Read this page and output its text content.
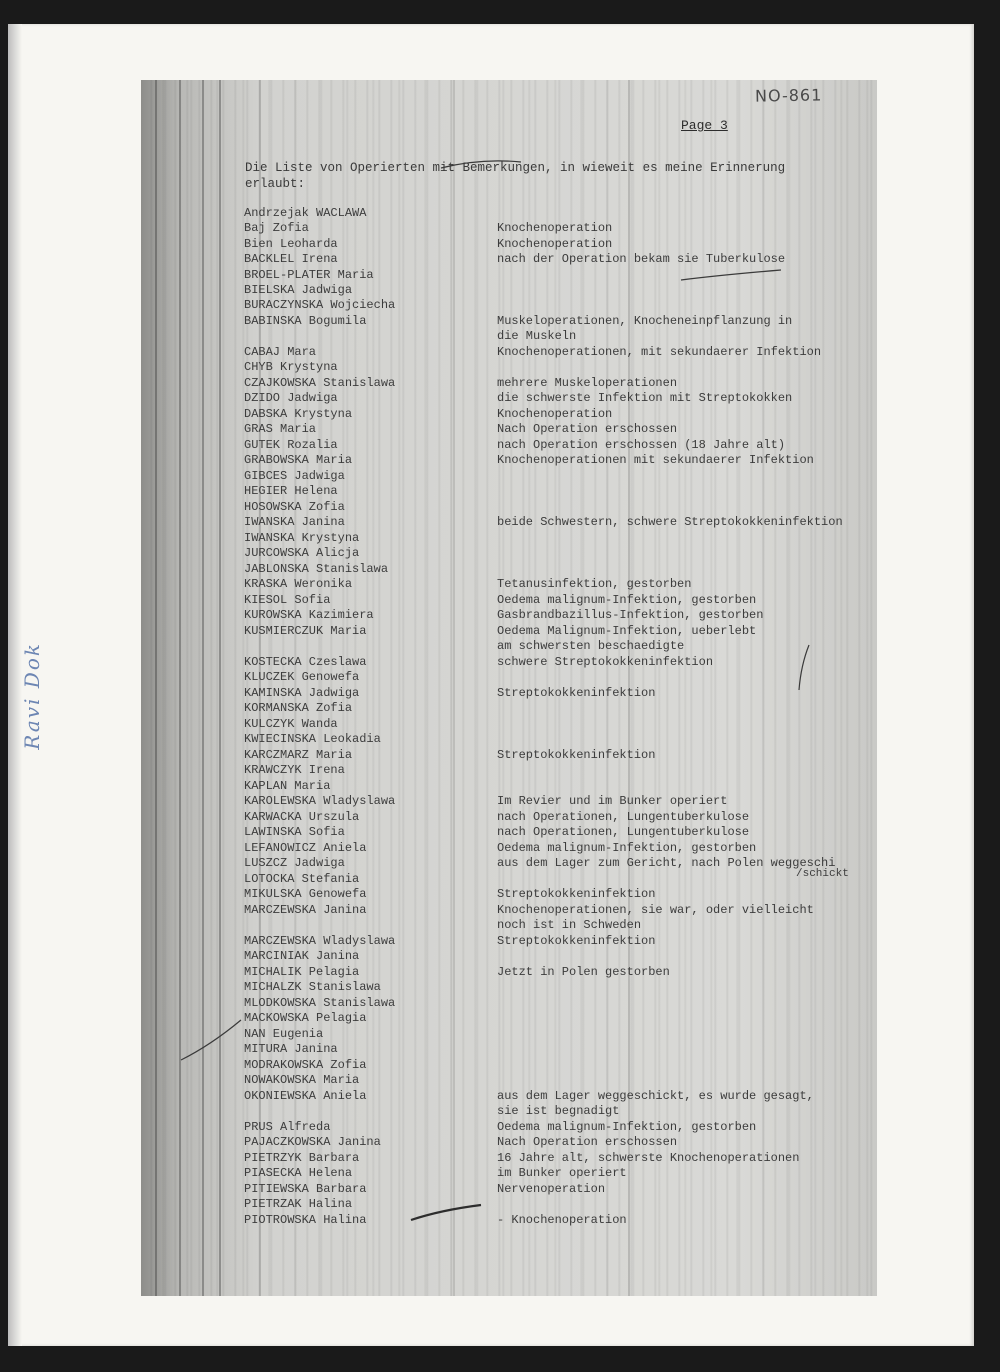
Ravi Dok
NO-861
Page 3
Die Liste von Operierten mit Bemerkungen, in wieweit es meine Erinnerung erlaubt:
Andrzejak WACLAWA
Baj Zofia	Knochenoperation
Bien Leoharda	Knochenoperation
BACKLEL Irena	nach der Operation bekam sie Tuberkulose
BROEL-PLATER Maria
BIELSKA Jadwiga
BURACZYNSKA Wojciecha
BABINSKA Bogumila	Muskeloperationen, Knocheneinpflanzung in
die Muskeln
CABAJ Mara	Knochenoperationen, mit sekundaerer Infektion
CHYB Krystyna
CZAJKOWSKA Stanislawa	mehrere Muskeloperationen
DZIDO Jadwiga	die schwerste Infektion mit Streptokokken
DABSKA Krystyna	Knochenoperation
GRAS Maria	Nach Operation erschossen
GUTEK Rozalia	nach Operation erschossen (18 Jahre alt)
GRABOWSKA Maria	Knochenoperationen mit sekundaerer Infektion
GIBCES Jadwiga
HEGIER Helena
HOSOWSKA Zofia
IWANSKA Janina	beide Schwestern, schwere Streptokokkeninfektion
IWANSKA Krystyna
JURCOWSKA Alicja
JABLONSKA Stanislawa
KRASKA Weronika	Tetanusinfektion, gestorben
KIESOL Sofia	Oedema malignum-Infektion, gestorben
KUROWSKA Kazimiera	Gasbrandbazillus-Infektion, gestorben
KUSMIERCZUK Maria	Oedema Malignum-Infektion, ueberlebt
am schwersten beschaedigte
KOSTECKA Czeslawa	schwere Streptokokkeninfektion
KLUCZEK Genowefa
KAMINSKA Jadwiga	Streptokokkeninfektion
KORMANSKA Zofia
KULCZYK Wanda
KWIECINSKA Leokadia
KARCZMARZ Maria	Streptokokkeninfektion
KRAWCZYK Irena
KAPLAN Maria
KAROLEWSKA Wladyslawa	Im Revier und im Bunker operiert
KARWACKA Urszula	nach Operationen, Lungentuberkulose
LAWINSKA Sofia	nach Operationen, Lungentuberkulose
LEFANOWICZ Aniela	Oedema malignum-Infektion, gestorben
LUSZCZ Jadwiga	aus dem Lager zum Gericht, nach Polen weggeschi
LOTOCKA Stefania
MIKULSKA Genowefa	Streptokokkeninfektion
MARCZEWSKA Janina	Knochenoperationen, sie war, oder vielleicht
noch ist in Schweden
MARCZEWSKA Wladyslawa	Streptokokkeninfektion
MARCINIAK Janina
MICHALIK Pelagia	Jetzt in Polen gestorben
MICHALZK Stanislawa
MLODKOWSKA Stanislawa
MACKOWSKA Pelagia
NAN Eugenia
MITURA Janina
MODRAKOWSKA Zofia
NOWAKOWSKA Maria
OKONIEWSKA Aniela	aus dem Lager weggeschickt, es wurde gesagt,
sie ist begnadigt
PRUS Alfreda	Oedema malignum-Infektion, gestorben
PAJACZKOWSKA Janina	Nach Operation erschossen
PIETRZYK Barbara	16 Jahre alt, schwerste Knochenoperationen
PIASECKA Helena	im Bunker operiert
PITIEWSKA Barbara	Nervenoperation
PIETRZAK Halina
PIOTROWSKA Halina	- Knochenoperation
/schickt
